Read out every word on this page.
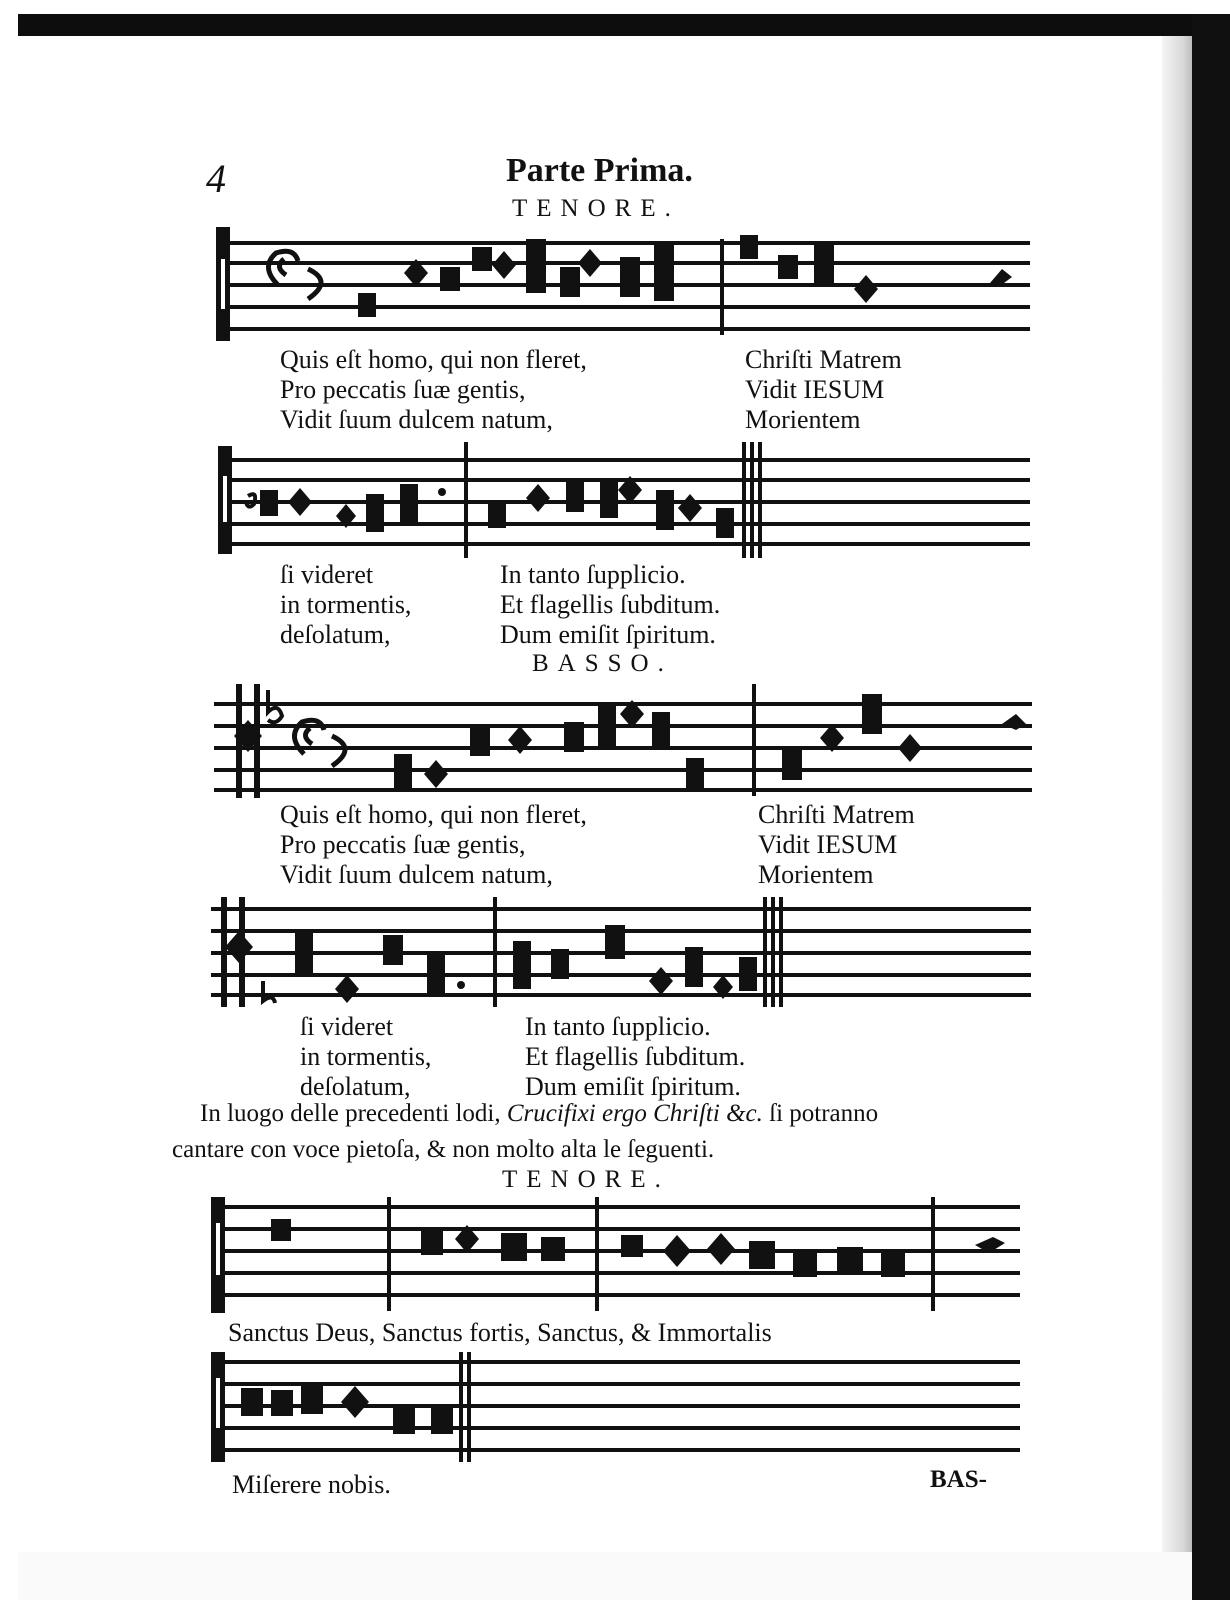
4	Parte Prima.
TENORE.
Quis eſt homo, qui non fleret,
Pro peccatis ſuæ gentis,
Vidit ſuum dulcem natum,
Chriſti Matrem
Vidit IESUM
Morientem
ſi videret
in tormentis,
deſolatum,
In tanto ſupplicio.
Et flagellis ſubditum.
Dum emiſit ſpiritum.
BASSO.
Quis eſt homo, qui non fleret,
Pro peccatis ſuæ gentis,
Vidit ſuum dulcem natum,
Chriſti Matrem
Vidit IESUM
Morientem
ſi videret
in tormentis,
deſolatum,
In tanto ſupplicio.
Et flagellis ſubditum.
Dum emiſit ſpiritum.
In luogo delle precedenti lodi, Crucifixi ergo Chriſti &c. ſi potranno
cantare con voce pietoſa, & non molto alta le ſeguenti.
TENORE.
Sanctus Deus, Sanctus fortis, Sanctus, & Immortalis
Miſerere nobis.	BAS-
